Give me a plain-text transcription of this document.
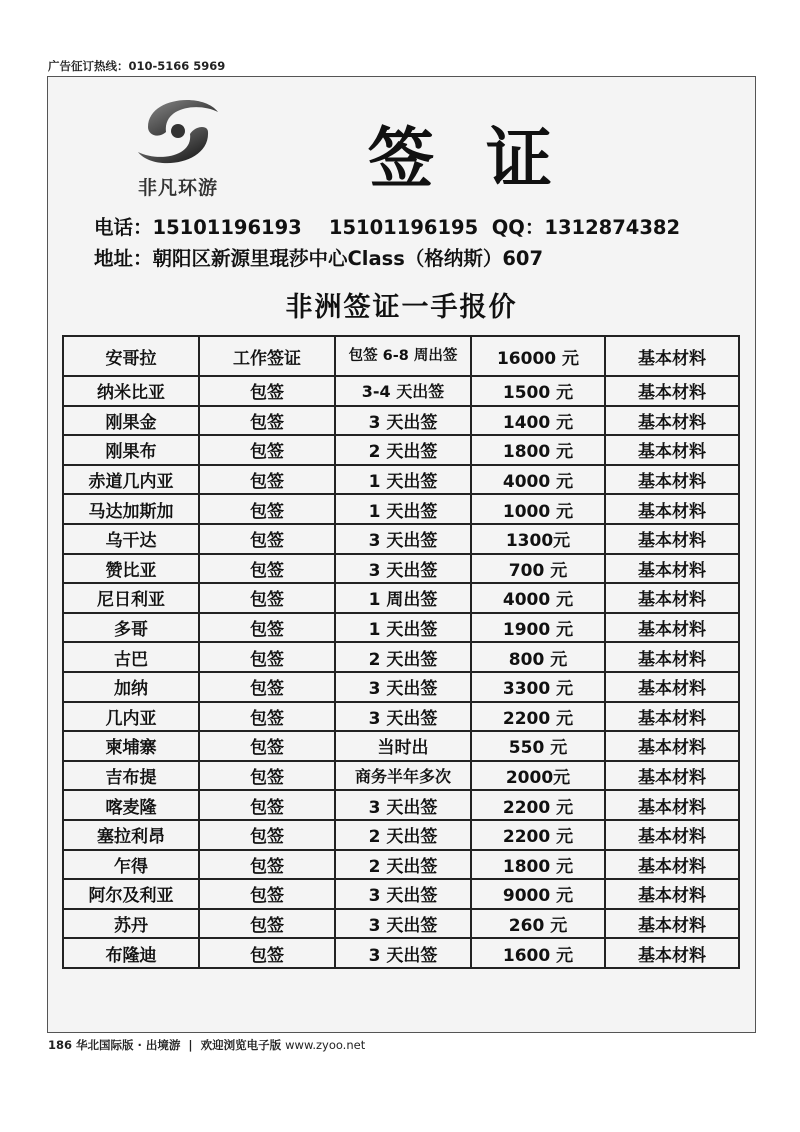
广告征订热线：010-5166 5969
非凡环游	签证
电话：15101196193    15101196195  QQ：1312874382
地址：朝阳区新源里琨莎中心Class（格纳斯）607
非洲签证一手报价
安哥拉	工作签证	包签 6-8 周出签	16000 元	基本材料
纳米比亚	包签	3-4 天出签	1500 元	基本材料
刚果金	包签	3 天出签	1400 元	基本材料
刚果布	包签	2 天出签	1800 元	基本材料
赤道几内亚	包签	1 天出签	4000 元	基本材料
马达加斯加	包签	1 天出签	1000 元	基本材料
乌干达	包签	3 天出签	1300元	基本材料
赞比亚	包签	3 天出签	700 元	基本材料
尼日利亚	包签	1 周出签	4000 元	基本材料
多哥	包签	1 天出签	1900 元	基本材料
古巴	包签	2 天出签	800 元	基本材料
加纳	包签	3 天出签	3300 元	基本材料
几内亚	包签	3 天出签	2200 元	基本材料
柬埔寨	包签	当时出	550 元	基本材料
吉布提	包签	商务半年多次	2000元	基本材料
喀麦隆	包签	3 天出签	2200 元	基本材料
塞拉利昂	包签	2 天出签	2200 元	基本材料
乍得	包签	2 天出签	1800 元	基本材料
阿尔及利亚	包签	3 天出签	9000 元	基本材料
苏丹	包签	3 天出签	260 元	基本材料
布隆迪	包签	3 天出签	1600 元	基本材料
186 华北国际版 · 出境游 | 欢迎浏览电子版 www.zyoo.net
